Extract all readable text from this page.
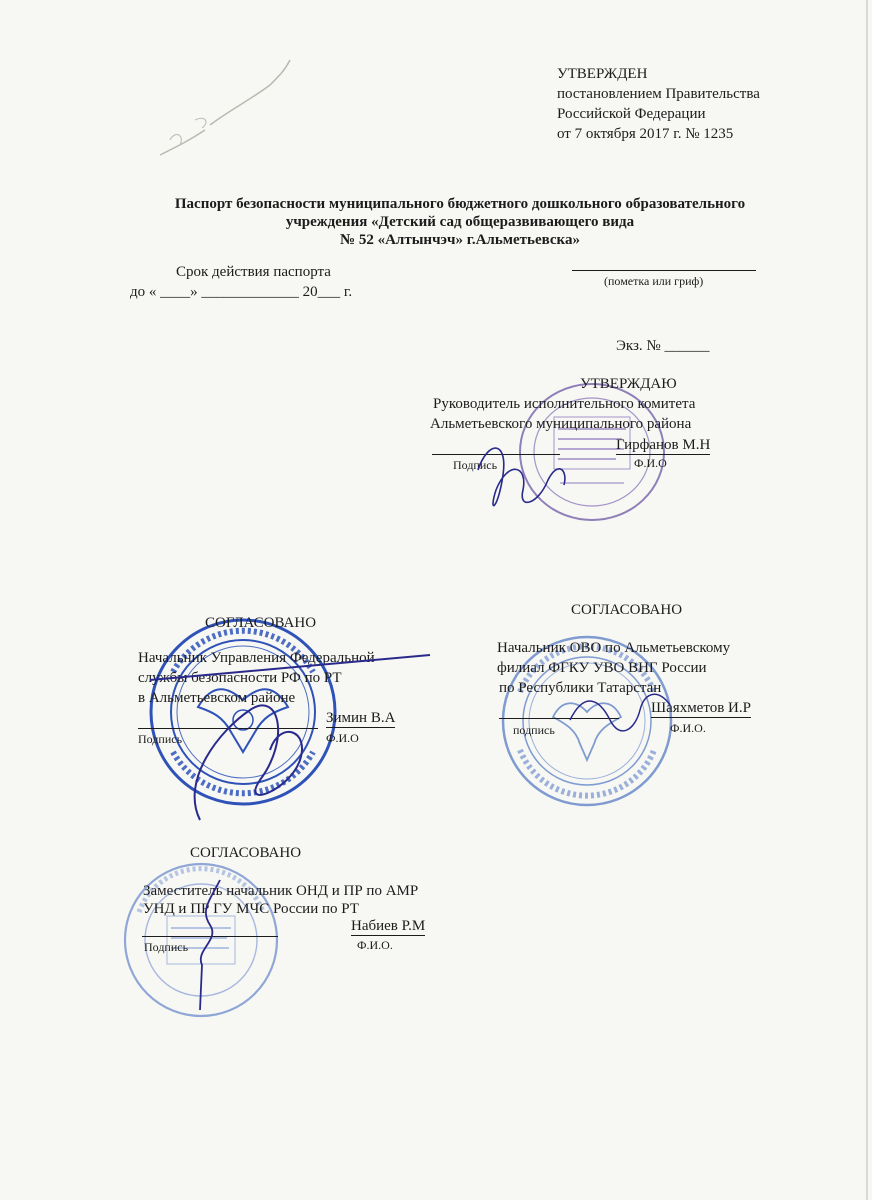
УТВЕРЖДЕН
постановлением Правительства
Российской Федерации
от 7 октября 2017 г. № 1235
Паспорт безопасности муниципального бюджетного дошкольного образовательного
учреждения «Детский сад общеразвивающего вида
№ 52 «Алтынчэч» г.Альметьевска»
Срок действия паспорта
до « ____» _____________ 20___ г.
(пометка или гриф)
Экз. № ______
УТВЕРЖДАЮ
Руководитель исполнительного комитета
Альметьевского муниципального района
Гирфанов М.Н
Подпись	Ф.И.О
СОГЛАСОВАНО
Начальник Управления Федеральной
службы безопасности РФ по РТ
в Альметьевском районе
Зимин В.А
Подпись	Ф.И.О
СОГЛАСОВАНО
Начальник ОВО по Альметьевскому
филиал ФГКУ УВО ВНГ России
по Республики Татарстан
Шаяхметов И.Р
подпись	Ф.И.О.
СОГЛАСОВАНО
Заместитель начальник ОНД и ПР по АМР
УНД и ПР ГУ МЧС России по РТ
Набиев Р.М
Подпись	Ф.И.О.
